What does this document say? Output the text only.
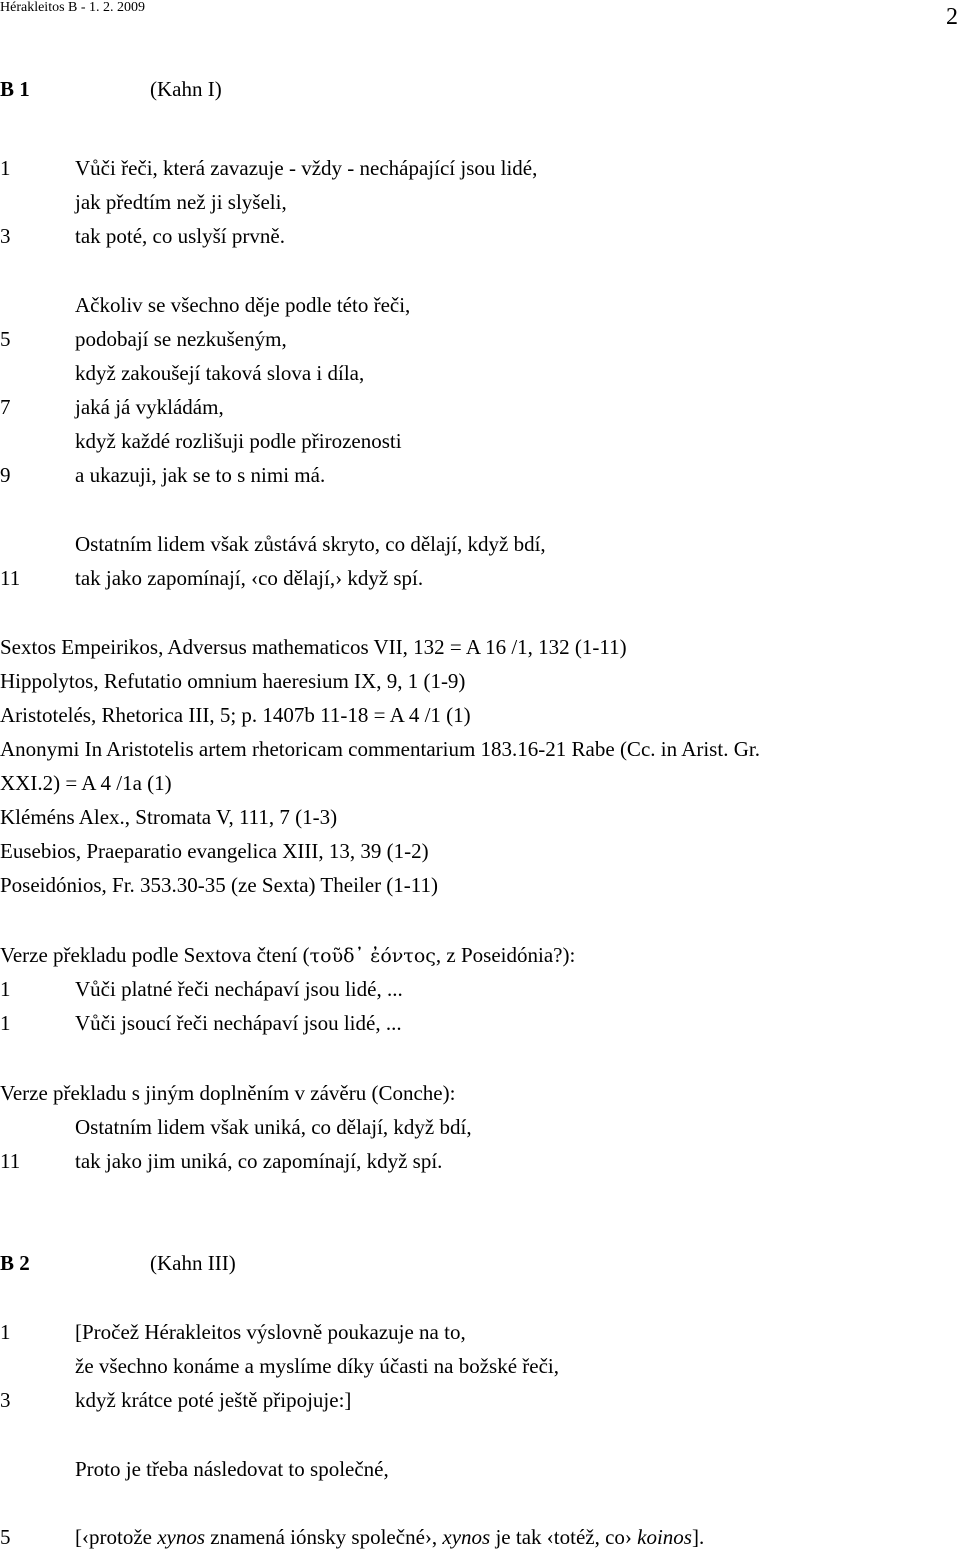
Hérakleitos B - 1. 2. 2009	2
B 1	(Kahn I)
1	Vůči řeči, která zavazuje - vždy - nechápající jsou lidé,
jak předtím než ji slyšeli,
3	tak poté, co uslyší prvně.
Ačkoliv se všechno děje podle této řeči,
5	podobají se nezkušeným,
když zakoušejí taková slova i díla,
7	jaká já vykládám,
když každé rozlišuji podle přirozenosti
9	a ukazuji, jak se to s nimi má.
Ostatním lidem však zůstává skryto, co dělají, když bdí,
11	tak jako zapomínají, ‹co dělají,› když spí.
Sextos Empeirikos, Adversus mathematicos VII, 132 = A 16 /1, 132 (1-11)
Hippolytos, Refutatio omnium haeresium IX, 9, 1 (1-9)
Aristotelés, Rhetorica III, 5; p. 1407b 11-18 = A 4 /1 (1)
Anonymi In Aristotelis artem rhetoricam commentarium 183.16-21 Rabe (Cc. in Arist. Gr.
XXI.2) = A 4 /1a (1)
Kléméns Alex., Stromata V, 111, 7 (1-3)
Eusebios, Praeparatio evangelica XIII, 13, 39 (1-2)
Poseidónios, Fr. 353.30-35 (ze Sexta) Theiler (1-11)
Verze překladu podle Sextova čtení (τοῦδ᾿ ἐόντος, z Poseidónia?):
1	Vůči platné řeči nechápaví jsou lidé, ...
1	Vůči jsoucí řeči nechápaví jsou lidé, ...
Verze překladu s jiným doplněním v závěru (Conche):
Ostatním lidem však uniká, co dělají, když bdí,
11	tak jako jim uniká, co zapomínají, když spí.
B 2	(Kahn III)
1	[Pročež Hérakleitos výslovně poukazuje na to,
že všechno konáme a myslíme díky účasti na božské řeči,
3	když krátce poté ještě připojuje:]
Proto je třeba následovat to společné,
5	[‹protože xynos znamená iónsky společné›, xynos je tak ‹totéž, co› koinos].
